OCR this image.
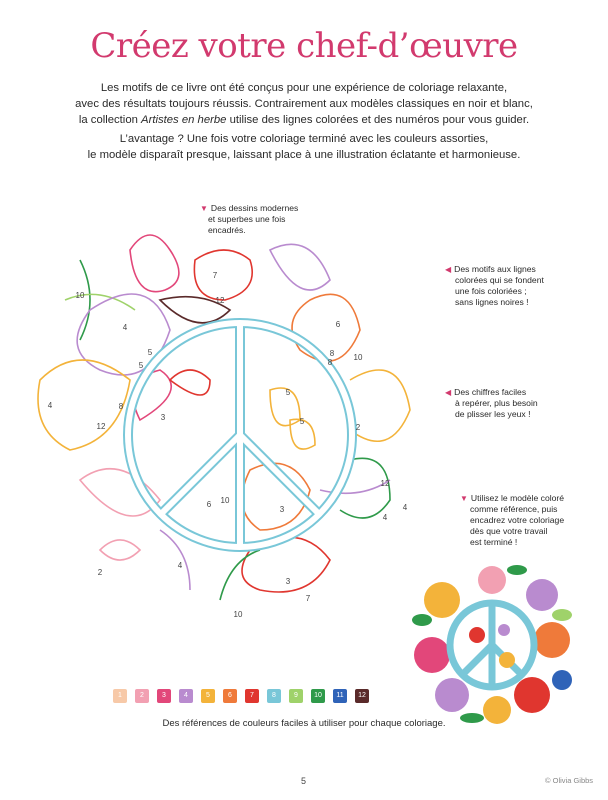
Créez votre chef-d’œuvre
Les motifs de ce livre ont été conçus pour une expérience de coloriage relaxante,
avec des résultats toujours réussis. Contrairement aux modèles classiques en noir et blanc,
la collection Artistes en herbe utilise des lignes colorées et des numéros pour vous guider.
L’avantage ? Une fois votre coloriage terminé avec les couleurs assorties,
le modèle disparaît presque, laissant place à une illustration éclatante et harmonieuse.
7
12
6
3
5
5
5
8
8 10
10
6
3
12
12
2
4
4
4
4
10
10
7
2
4
5
3
8
▼ Des dessins modernes
et superbes une fois
encadrés.
◀ Des motifs aux lignes
colorées qui se fondent
une fois coloriées ;
sans lignes noires !
◀ Des chiffres faciles
à repérer, plus besoin
de plisser les yeux !
▼ Utilisez le modèle coloré
comme référence, puis
encadrez votre coloriage
dès que votre travail
est terminé !
1	2	3	4	5	6	7	8	9	10	11	12
Des références de couleurs faciles à utiliser pour chaque coloriage.
5	© Olivia Gibbs
